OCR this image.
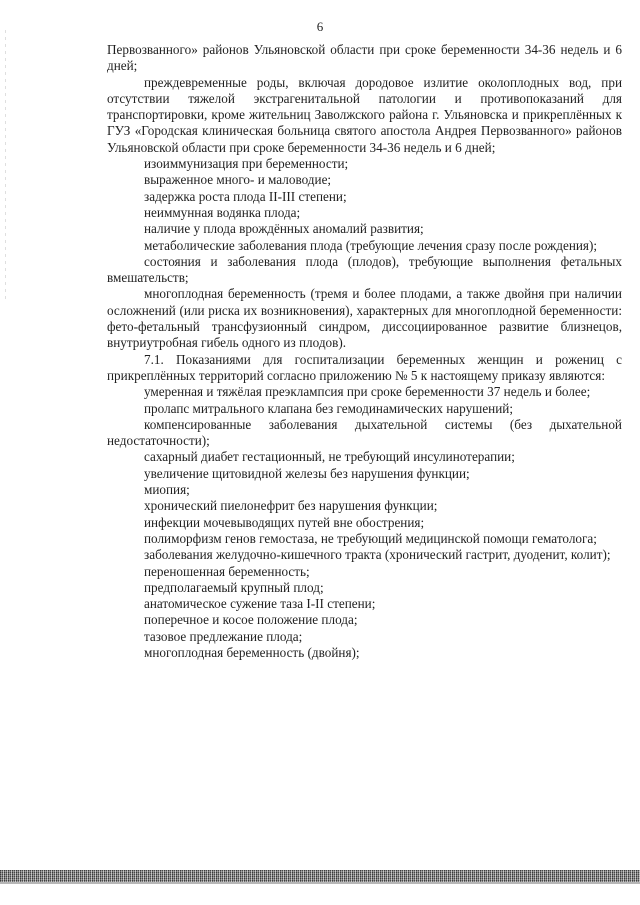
6

Первозванного» районов Ульяновской области при сроке беременности 34-36 недель и 6 дней;

преждевременные роды, включая дородовое излитие околоплодных вод, при отсутствии тяжелой экстрагенитальной патологии и противопоказаний для транспортировки, кроме жительниц Заволжского района г. Ульяновска и прикреплённых к ГУЗ «Городская клиническая больница святого апостола Андрея Первозванного» районов Ульяновской области при сроке беременности 34-36 недель и 6 дней;

изоиммунизация при беременности;

выраженное много- и маловодие;

задержка роста плода II-III степени;

неиммунная водянка плода;

наличие у плода врождённых аномалий развития;

метаболические заболевания плода (требующие лечения сразу после рождения);

состояния и заболевания плода (плодов), требующие выполнения фетальных вмешательств;

многоплодная беременность (тремя и более плодами, а также двойня при наличии осложнений (или риска их возникновения), характерных для многоплодной беременности: фето-фетальный трансфузионный синдром, диссоциированное развитие близнецов, внутриутробная гибель одного из плодов).

7.1. Показаниями для госпитализации беременных женщин и рожениц с прикреплённых территорий согласно приложению № 5 к настоящему приказу являются:

умеренная и тяжёлая преэклампсия при сроке беременности 37 недель и более;

пролапс митрального клапана без гемодинамических нарушений;

компенсированные заболевания дыхательной системы (без дыхательной недостаточности);

сахарный диабет гестационный, не требующий инсулинотерапии;

увеличение щитовидной железы без нарушения функции;

миопия;

хронический пиелонефрит без нарушения функции;

инфекции мочевыводящих путей вне обострения;

полиморфизм генов гемостаза, не требующий медицинской помощи гематолога;

заболевания желудочно-кишечного тракта (хронический гастрит, дуоденит, колит);

переношенная беременность;

предполагаемый крупный плод;

анатомическое сужение таза I-II степени;

поперечное и косое положение плода;

тазовое предлежание плода;

многоплодная беременность (двойня);
